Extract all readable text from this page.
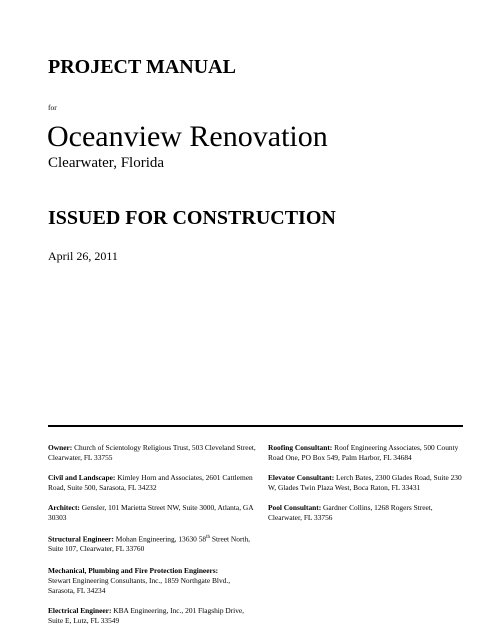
PROJECT MANUAL
for
Oceanview Renovation
Clearwater, Florida
ISSUED FOR CONSTRUCTION
April 26, 2011
Owner: Church of Scientology Religious Trust, 503 Cleveland Street, Clearwater, FL 33755
Civil and Landscape: Kimley Horn and Associates, 2601 Cattlemen Road, Suite 500, Sarasota, FL 34232
Architect: Gensler, 101 Marietta Street NW, Suite 3000, Atlanta, GA 30303
Structural Engineer: Mohan Engineering, 13630 58th Street North, Suite 107, Clearwater, FL 33760
Mechanical, Plumbing and Fire Protection Engineers:
Stewart Engineering Consultants, Inc., 1859 Northgate Blvd., Sarasota, FL 34234
Electrical Engineer: KBA Engineering, Inc., 201 Flagship Drive, Suite E, Lutz, FL 33549
Roofing Consultant: Roof Engineering Associates, 500 County Road One, PO Box 549, Palm Harbor, FL 34684
Elevator Consultant: Lerch Bates, 2300 Glades Road, Suite 230 W, Glades Twin Plaza West, Boca Raton, FL 33431
Pool Consultant: Gardner Collins, 1268 Rogers Street, Clearwater, FL 33756
